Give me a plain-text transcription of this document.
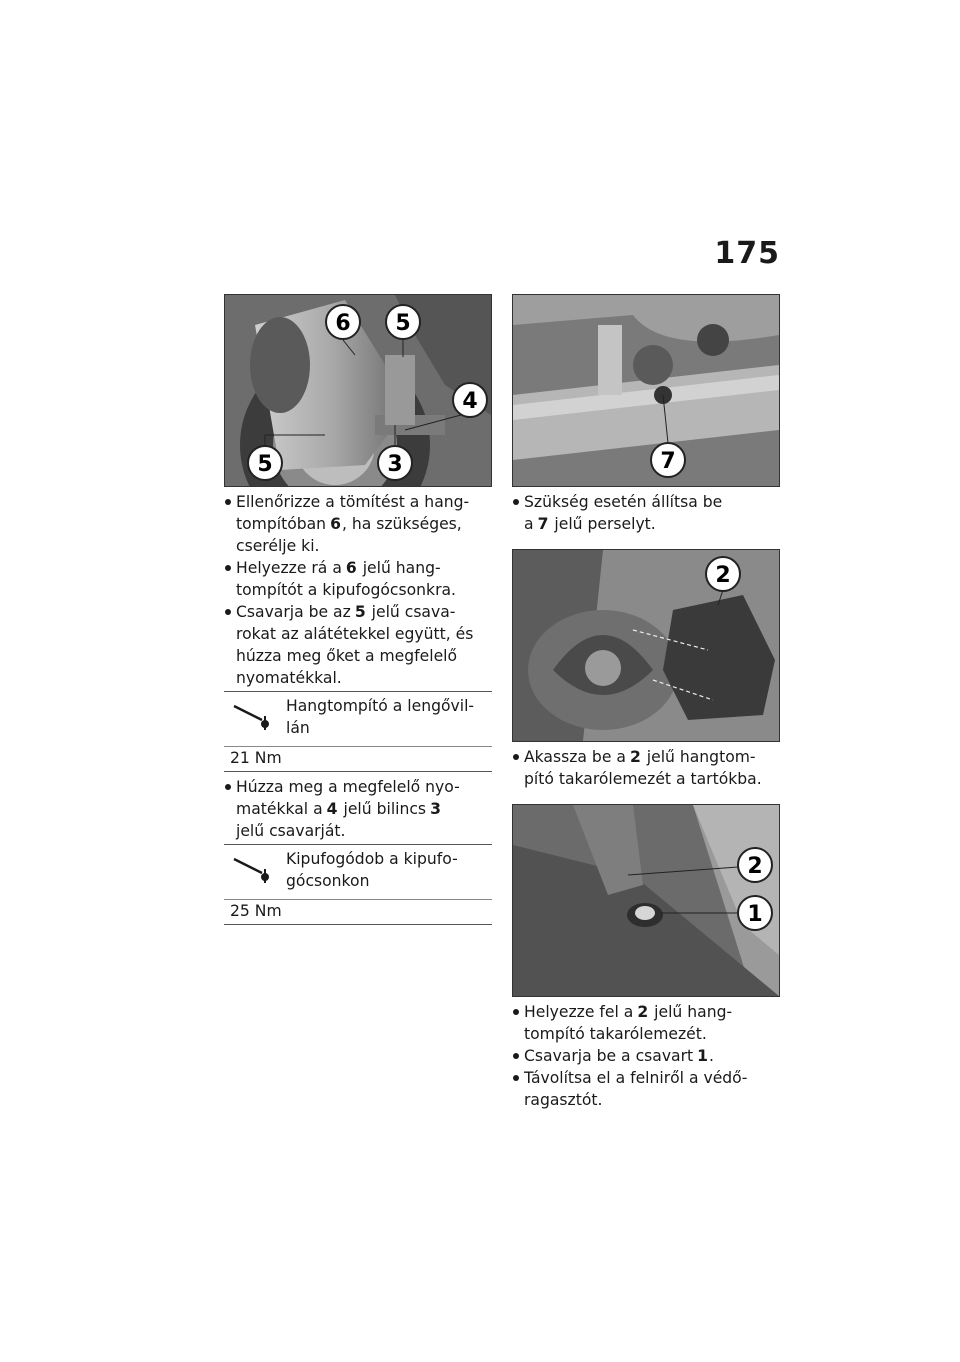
175
6 5
4
5	3
Ellenőrizze a tömítést a hang-
tompítóban 6, ha szükséges,
cserélje ki.
Helyezze rá a 6 jelű hang-
tompítót a kipufogócsonkra.
Csavarja be az 5 jelű csava-
rokat az alátétekkel együtt, és
húzza meg őket a megfelelő
nyomatékkal.
Hangtompító a lengővil-
lán
21 Nm
Húzza meg a megfelelő nyo-
matékkal a 4 jelű bilincs 3
jelű csavarját.
Kipufogódob a kipufo-
gócsonkon
25 Nm
7
Szükség esetén állítsa be
a 7 jelű perselyt.
2
Akassza be a 2 jelű hangtom-
pító takarólemezét a tartókba.
2
1
Helyezze fel a 2 jelű hang-
tompító takarólemezét.
Csavarja be a csavart 1.
Távolítsa el a felniről a védő-
ragasztót.
